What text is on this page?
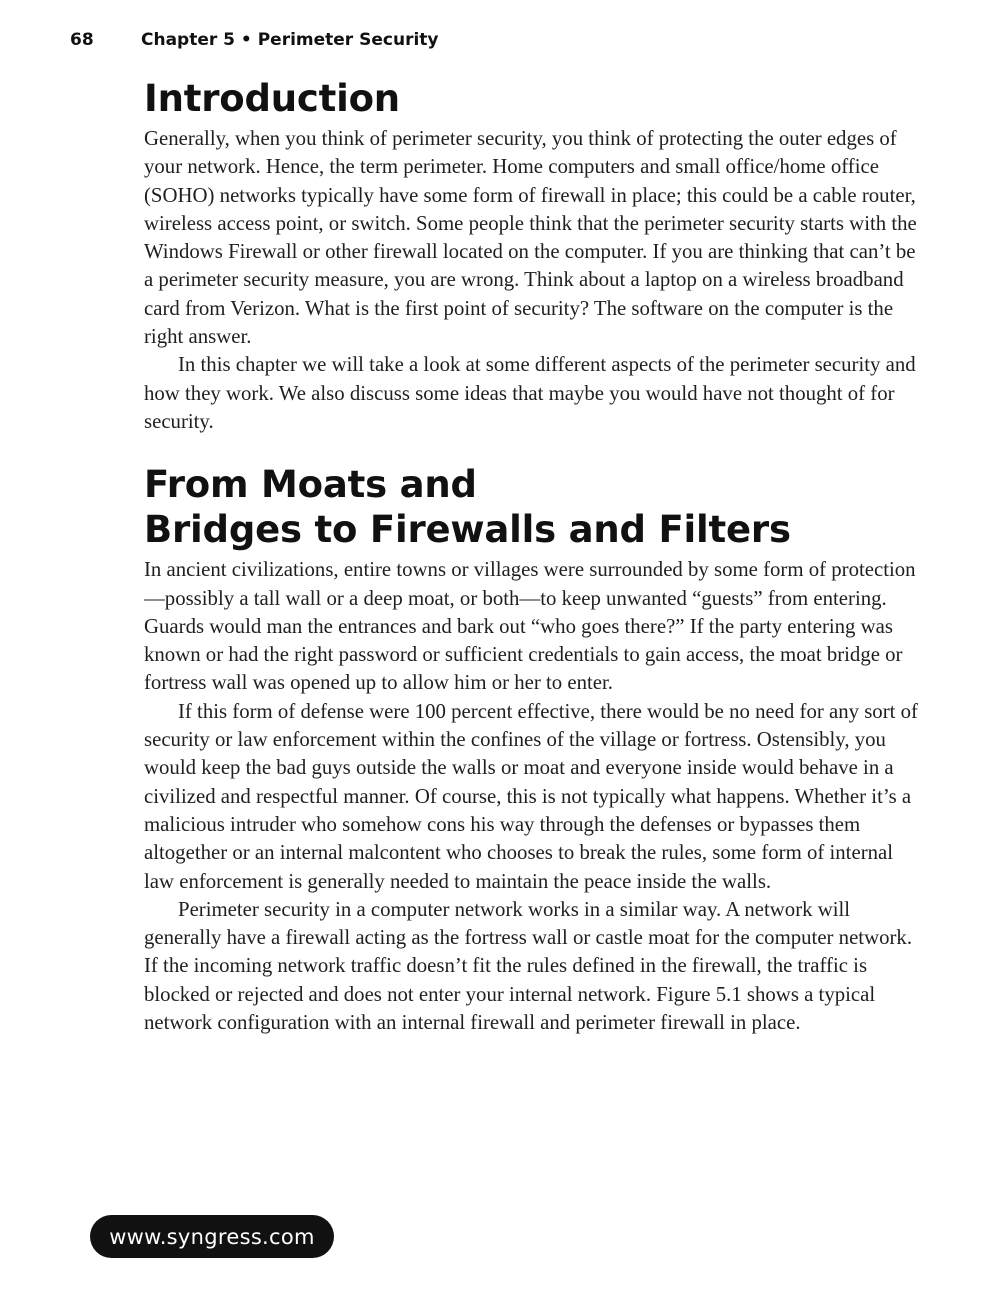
68	Chapter 5 • Perimeter Security
Introduction

Generally, when you think of perimeter security, you think of protecting the outer edges of your network. Hence, the term perimeter. Home computers and small office/home office (SOHO) networks typically have some form of firewall in place; this could be a cable router, wireless access point, or switch. Some people think that the perimeter security starts with the Windows Firewall or other firewall located on the computer. If you are thinking that can’t be a perimeter security measure, you are wrong. Think about a laptop on a wireless broadband card from Verizon. What is the first point of security? The software on the computer is the right answer.

In this chapter we will take a look at some different aspects of the perimeter security and how they work. We also discuss some ideas that maybe you would have not thought of for security.

From Moats and
Bridges to Firewalls and Filters

In ancient civilizations, entire towns or villages were surrounded by some form of protection—possibly a tall wall or a deep moat, or both—to keep unwanted “guests” from entering. Guards would man the entrances and bark out “who goes there?” If the party entering was known or had the right password or sufficient credentials to gain access, the moat bridge or fortress wall was opened up to allow him or her to enter.

If this form of defense were 100 percent effective, there would be no need for any sort of security or law enforcement within the confines of the village or fortress. Ostensibly, you would keep the bad guys outside the walls or moat and everyone inside would behave in a civilized and respectful manner. Of course, this is not typically what happens. Whether it’s a malicious intruder who somehow cons his way through the defenses or bypasses them altogether or an internal malcontent who chooses to break the rules, some form of internal law enforcement is generally needed to maintain the peace inside the walls.

Perimeter security in a computer network works in a similar way. A network will generally have a firewall acting as the fortress wall or castle moat for the computer network. If the incoming network traffic doesn’t fit the rules defined in the firewall, the traffic is blocked or rejected and does not enter your internal network. Figure 5.1 shows a typical network configuration with an internal firewall and perimeter firewall in place.

www.syngress.com
